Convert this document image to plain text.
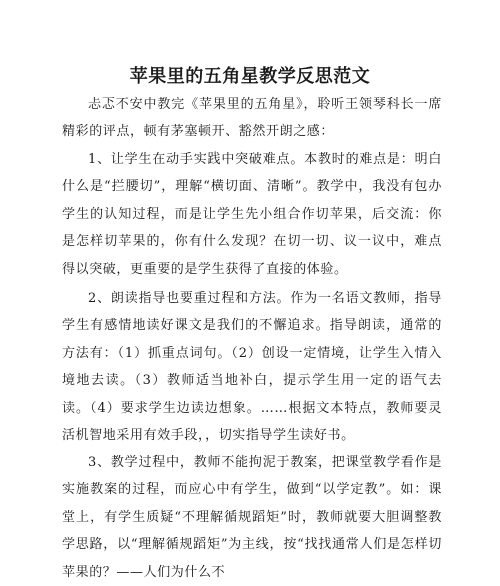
苹果里的五角星教学反思范文

忐忑不安中教完《苹果里的五角星》，聆听王领琴科长一席精彩的评点，顿有茅塞顿开、豁然开朗之感：

1、让学生在动手实践中突破难点。本教时的难点是：明白什么是“拦腰切”，理解“横切面、清晰”。教学中，我没有包办学生的认知过程，而是让学生先小组合作切苹果，后交流：你是怎样切苹果的，你有什么发现？在切一切、议一议中，难点得以突破，更重要的是学生获得了直接的体验。

2、朗读指导也要重过程和方法。作为一名语文教师，指导学生有感情地读好课文是我们的不懈追求。指导朗读，通常的方法有：（1）抓重点词句。（2）创设一定情境，让学生入情入境地去读。（3）教师适当地补白，提示学生用一定的语气去读。（4）要求学生边读边想象。……根据文本特点，教师要灵活机智地采用有效手段，，切实指导学生读好书。

3、教学过程中，教师不能拘泥于教案，把课堂教学看作是实施教案的过程，而应心中有学生，做到“以学定教”。如：课堂上，有学生质疑“不理解循规蹈矩”时，教师就要大胆调整教学思路，以“理解循规蹈矩”为主线，按“找找通常人们是怎样切苹果的？——人们为什么不
